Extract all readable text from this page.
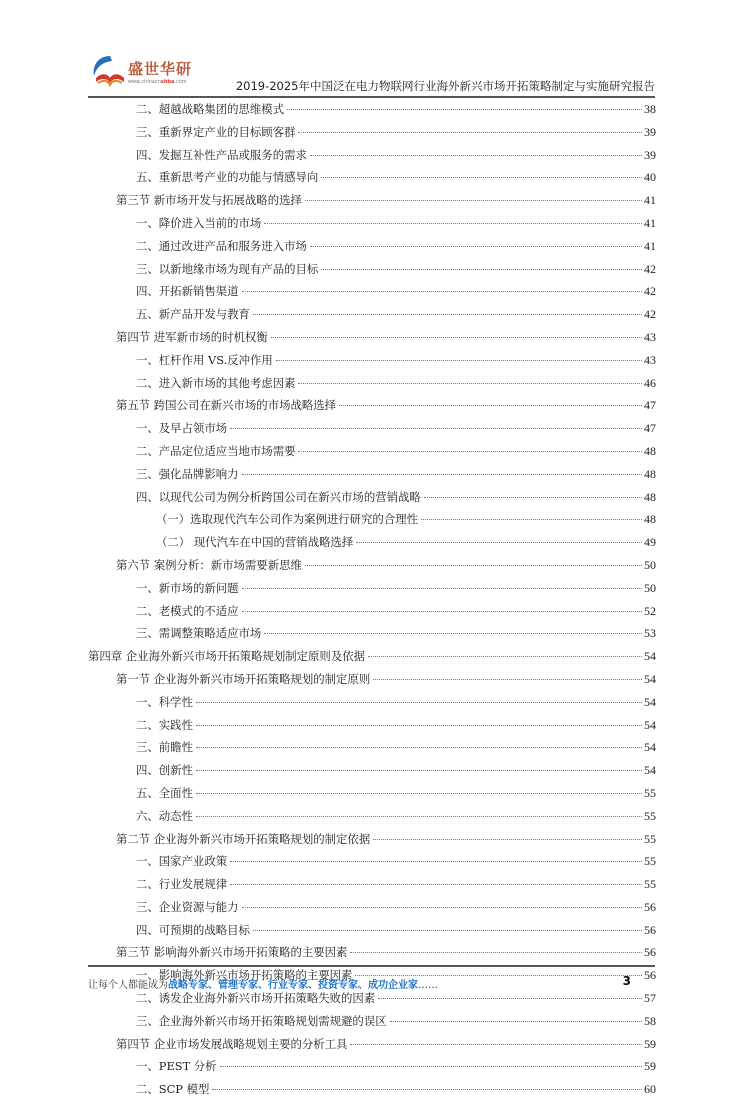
盛世华研
www.chinacnshba.com	2019-2025年中国泛在电力物联网行业海外新兴市场开拓策略制定与实施研究报告
二、超越战略集团的思维模式	38
三、重新界定产业的目标顾客群	39
四、发掘互补性产品或服务的需求	39
五、重新思考产业的功能与情感导向	40
第三节 新市场开发与拓展战略的选择	41
一、降价进入当前的市场	41
二、通过改进产品和服务进入市场	41
三、以新地缘市场为现有产品的目标	42
四、开拓新销售渠道	42
五、新产品开发与教育	42
第四节 进军新市场的时机权衡	43
一、杠杆作用 VS.反冲作用	43
二、进入新市场的其他考虑因素	46
第五节 跨国公司在新兴市场的市场战略选择	47
一、及早占领市场	47
二、产品定位适应当地市场需要	48
三、强化品牌影响力	48
四、以现代公司为例分析跨国公司在新兴市场的营销战略	48
（一）选取现代汽车公司作为案例进行研究的合理性	48
（二） 现代汽车在中国的营销战略选择	49
第六节 案例分析：新市场需要新思维	50
一、新市场的新问题	50
二、老模式的不适应	52
三、需调整策略适应市场	53
第四章 企业海外新兴市场开拓策略规划制定原则及依据	54
第一节 企业海外新兴市场开拓策略规划的制定原则	54
一、科学性	54
二、实践性	54
三、前瞻性	54
四、创新性	54
五、全面性	55
六、动态性	55
第二节 企业海外新兴市场开拓策略规划的制定依据	55
一、国家产业政策	55
二、行业发展规律	55
三、企业资源与能力	56
四、可预期的战略目标	56
第三节 影响海外新兴市场开拓策略的主要因素	56
一、影响海外新兴市场开拓策略的主要因素	56
二、诱发企业海外新兴市场开拓策略失败的因素	57
三、企业海外新兴市场开拓策略规划需规避的误区	58
第四节 企业市场发展战略规划主要的分析工具	59
一、PEST 分析	59
二、SCP 模型	60
让每个人都能成为战略专家、管理专家、行业专家、投资专家、成功企业家……	3
